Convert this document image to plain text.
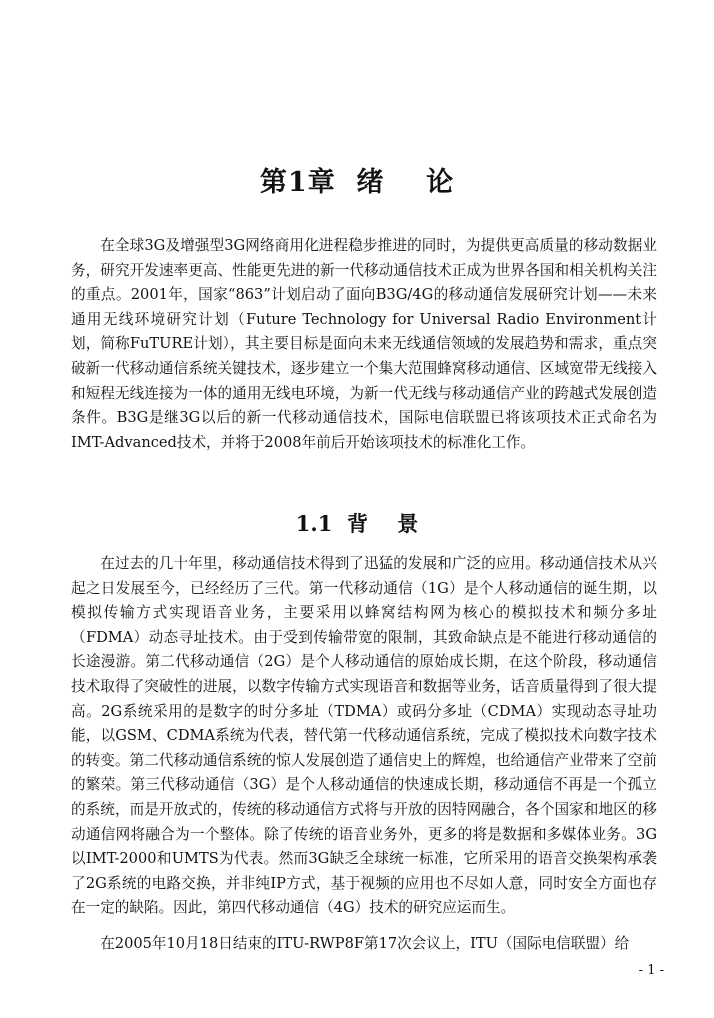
第1章  绪    论

在全球3G及增强型3G网络商用化进程稳步推进的同时，为提供更高质量的移动数据业务，研究开发速率更高、性能更先进的新一代移动通信技术正成为世界各国和相关机构关注的重点。2001年，国家“863”计划启动了面向B3G/4G的移动通信发展研究计划——未来通用无线环境研究计划（Future Technology for Universal Radio Environment计划，简称FuTURE计划），其主要目标是面向未来无线通信领域的发展趋势和需求，重点突破新一代移动通信系统关键技术，逐步建立一个集大范围蜂窝移动通信、区域宽带无线接入和短程无线连接为一体的通用无线电环境，为新一代无线与移动通信产业的跨越式发展创造条件。B3G是继3G以后的新一代移动通信技术，国际电信联盟已将该项技术正式命名为IMT-Advanced技术，并将于2008年前后开始该项技术的标准化工作。

1.1  背    景

在过去的几十年里，移动通信技术得到了迅猛的发展和广泛的应用。移动通信技术从兴起之日发展至今，已经经历了三代。第一代移动通信（1G）是个人移动通信的诞生期，以模拟传输方式实现语音业务，主要采用以蜂窝结构网为核心的模拟技术和频分多址（FDMA）动态寻址技术。由于受到传输带宽的限制，其致命缺点是不能进行移动通信的长途漫游。第二代移动通信（2G）是个人移动通信的原始成长期，在这个阶段，移动通信技术取得了突破性的进展，以数字传输方式实现语音和数据等业务，话音质量得到了很大提高。2G系统采用的是数字的时分多址（TDMA）或码分多址（CDMA）实现动态寻址功能，以GSM、CDMA系统为代表，替代第一代移动通信系统，完成了模拟技术向数字技术的转变。第二代移动通信系统的惊人发展创造了通信史上的辉煌，也给通信产业带来了空前的繁荣。第三代移动通信（3G）是个人移动通信的快速成长期，移动通信不再是一个孤立的系统，而是开放式的，传统的移动通信方式将与开放的因特网融合，各个国家和地区的移动通信网将融合为一个整体。除了传统的语音业务外，更多的将是数据和多媒体业务。3G以IMT-2000和UMTS为代表。然而3G缺乏全球统一标准，它所采用的语音交换架构承袭了2G系统的电路交换，并非纯IP方式，基于视频的应用也不尽如人意，同时安全方面也存在一定的缺陷。因此，第四代移动通信（4G）技术的研究应运而生。

在2005年10月18日结束的ITU-RWP8F第17次会议上，ITU（国际电信联盟）给

- 1 -
